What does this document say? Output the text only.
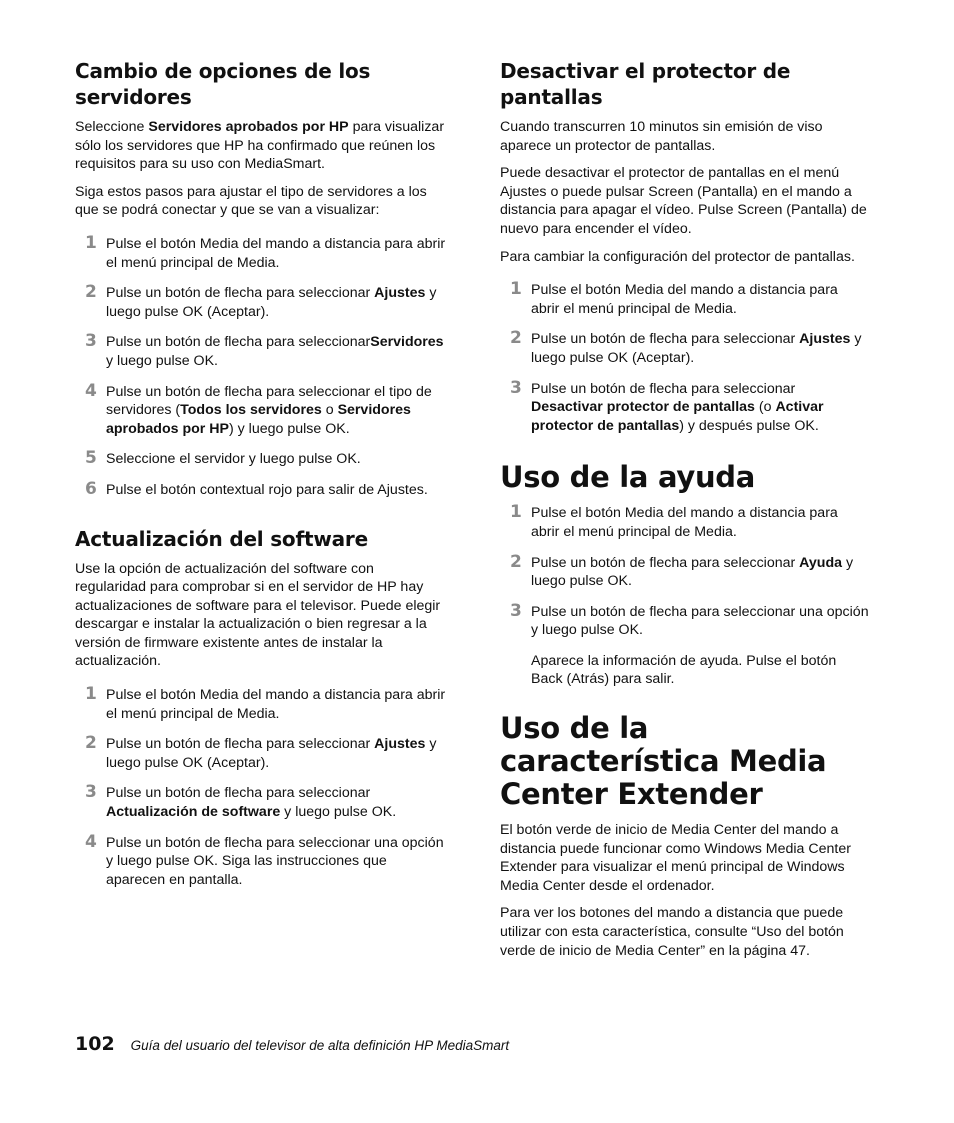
Cambio de opciones de los servidores

Seleccione Servidores aprobados por HP para visualizar sólo los servidores que HP ha confirmado que reúnen los requisitos para su uso con MediaSmart.

Siga estos pasos para ajustar el tipo de servidores a los que se podrá conectar y que se van a visualizar:

1 Pulse el botón Media del mando a distancia para abrir el menú principal de Media.
2 Pulse un botón de flecha para seleccionar Ajustes y luego pulse OK (Aceptar).
3 Pulse un botón de flecha para seleccionarServidores y luego pulse OK.
4 Pulse un botón de flecha para seleccionar el tipo de servidores (Todos los servidores o Servidores aprobados por HP) y luego pulse OK.
5 Seleccione el servidor y luego pulse OK.
6 Pulse el botón contextual rojo para salir de Ajustes.
Actualización del software

Use la opción de actualización del software con regularidad para comprobar si en el servidor de HP hay actualizaciones de software para el televisor. Puede elegir descargar e instalar la actualización o bien regresar a la versión de firmware existente antes de instalar la actualización.

1 Pulse el botón Media del mando a distancia para abrir el menú principal de Media.
2 Pulse un botón de flecha para seleccionar Ajustes y luego pulse OK (Aceptar).
3 Pulse un botón de flecha para seleccionar Actualización de software y luego pulse OK.
4 Pulse un botón de flecha para seleccionar una opción y luego pulse OK. Siga las instrucciones que aparecen en pantalla.
Desactivar el protector de pantallas

Cuando transcurren 10 minutos sin emisión de viso aparece un protector de pantallas.

Puede desactivar el protector de pantallas en el menú Ajustes o puede pulsar Screen (Pantalla) en el mando a distancia para apagar el vídeo. Pulse Screen (Pantalla) de nuevo para encender el vídeo.

Para cambiar la configuración del protector de pantallas.

1 Pulse el botón Media del mando a distancia para abrir el menú principal de Media.
2 Pulse un botón de flecha para seleccionar Ajustes y luego pulse OK (Aceptar).
3 Pulse un botón de flecha para seleccionar Desactivar protector de pantallas (o Activar protector de pantallas) y después pulse OK.
Uso de la ayuda
1 Pulse el botón Media del mando a distancia para abrir el menú principal de Media.
2 Pulse un botón de flecha para seleccionar Ayuda y luego pulse OK.
3 Pulse un botón de flecha para seleccionar una opción y luego pulse OK.

Aparece la información de ayuda. Pulse el botón Back (Atrás) para salir.

Uso de la característica Media Center Extender

El botón verde de inicio de Media Center del mando a distancia puede funcionar como Windows Media Center Extender para visualizar el menú principal de Windows Media Center desde el ordenador.

Para ver los botones del mando a distancia que puede utilizar con esta característica, consulte “Uso del botón verde de inicio de Media Center” en la página 47.

102 Guía del usuario del televisor de alta definición HP MediaSmart
